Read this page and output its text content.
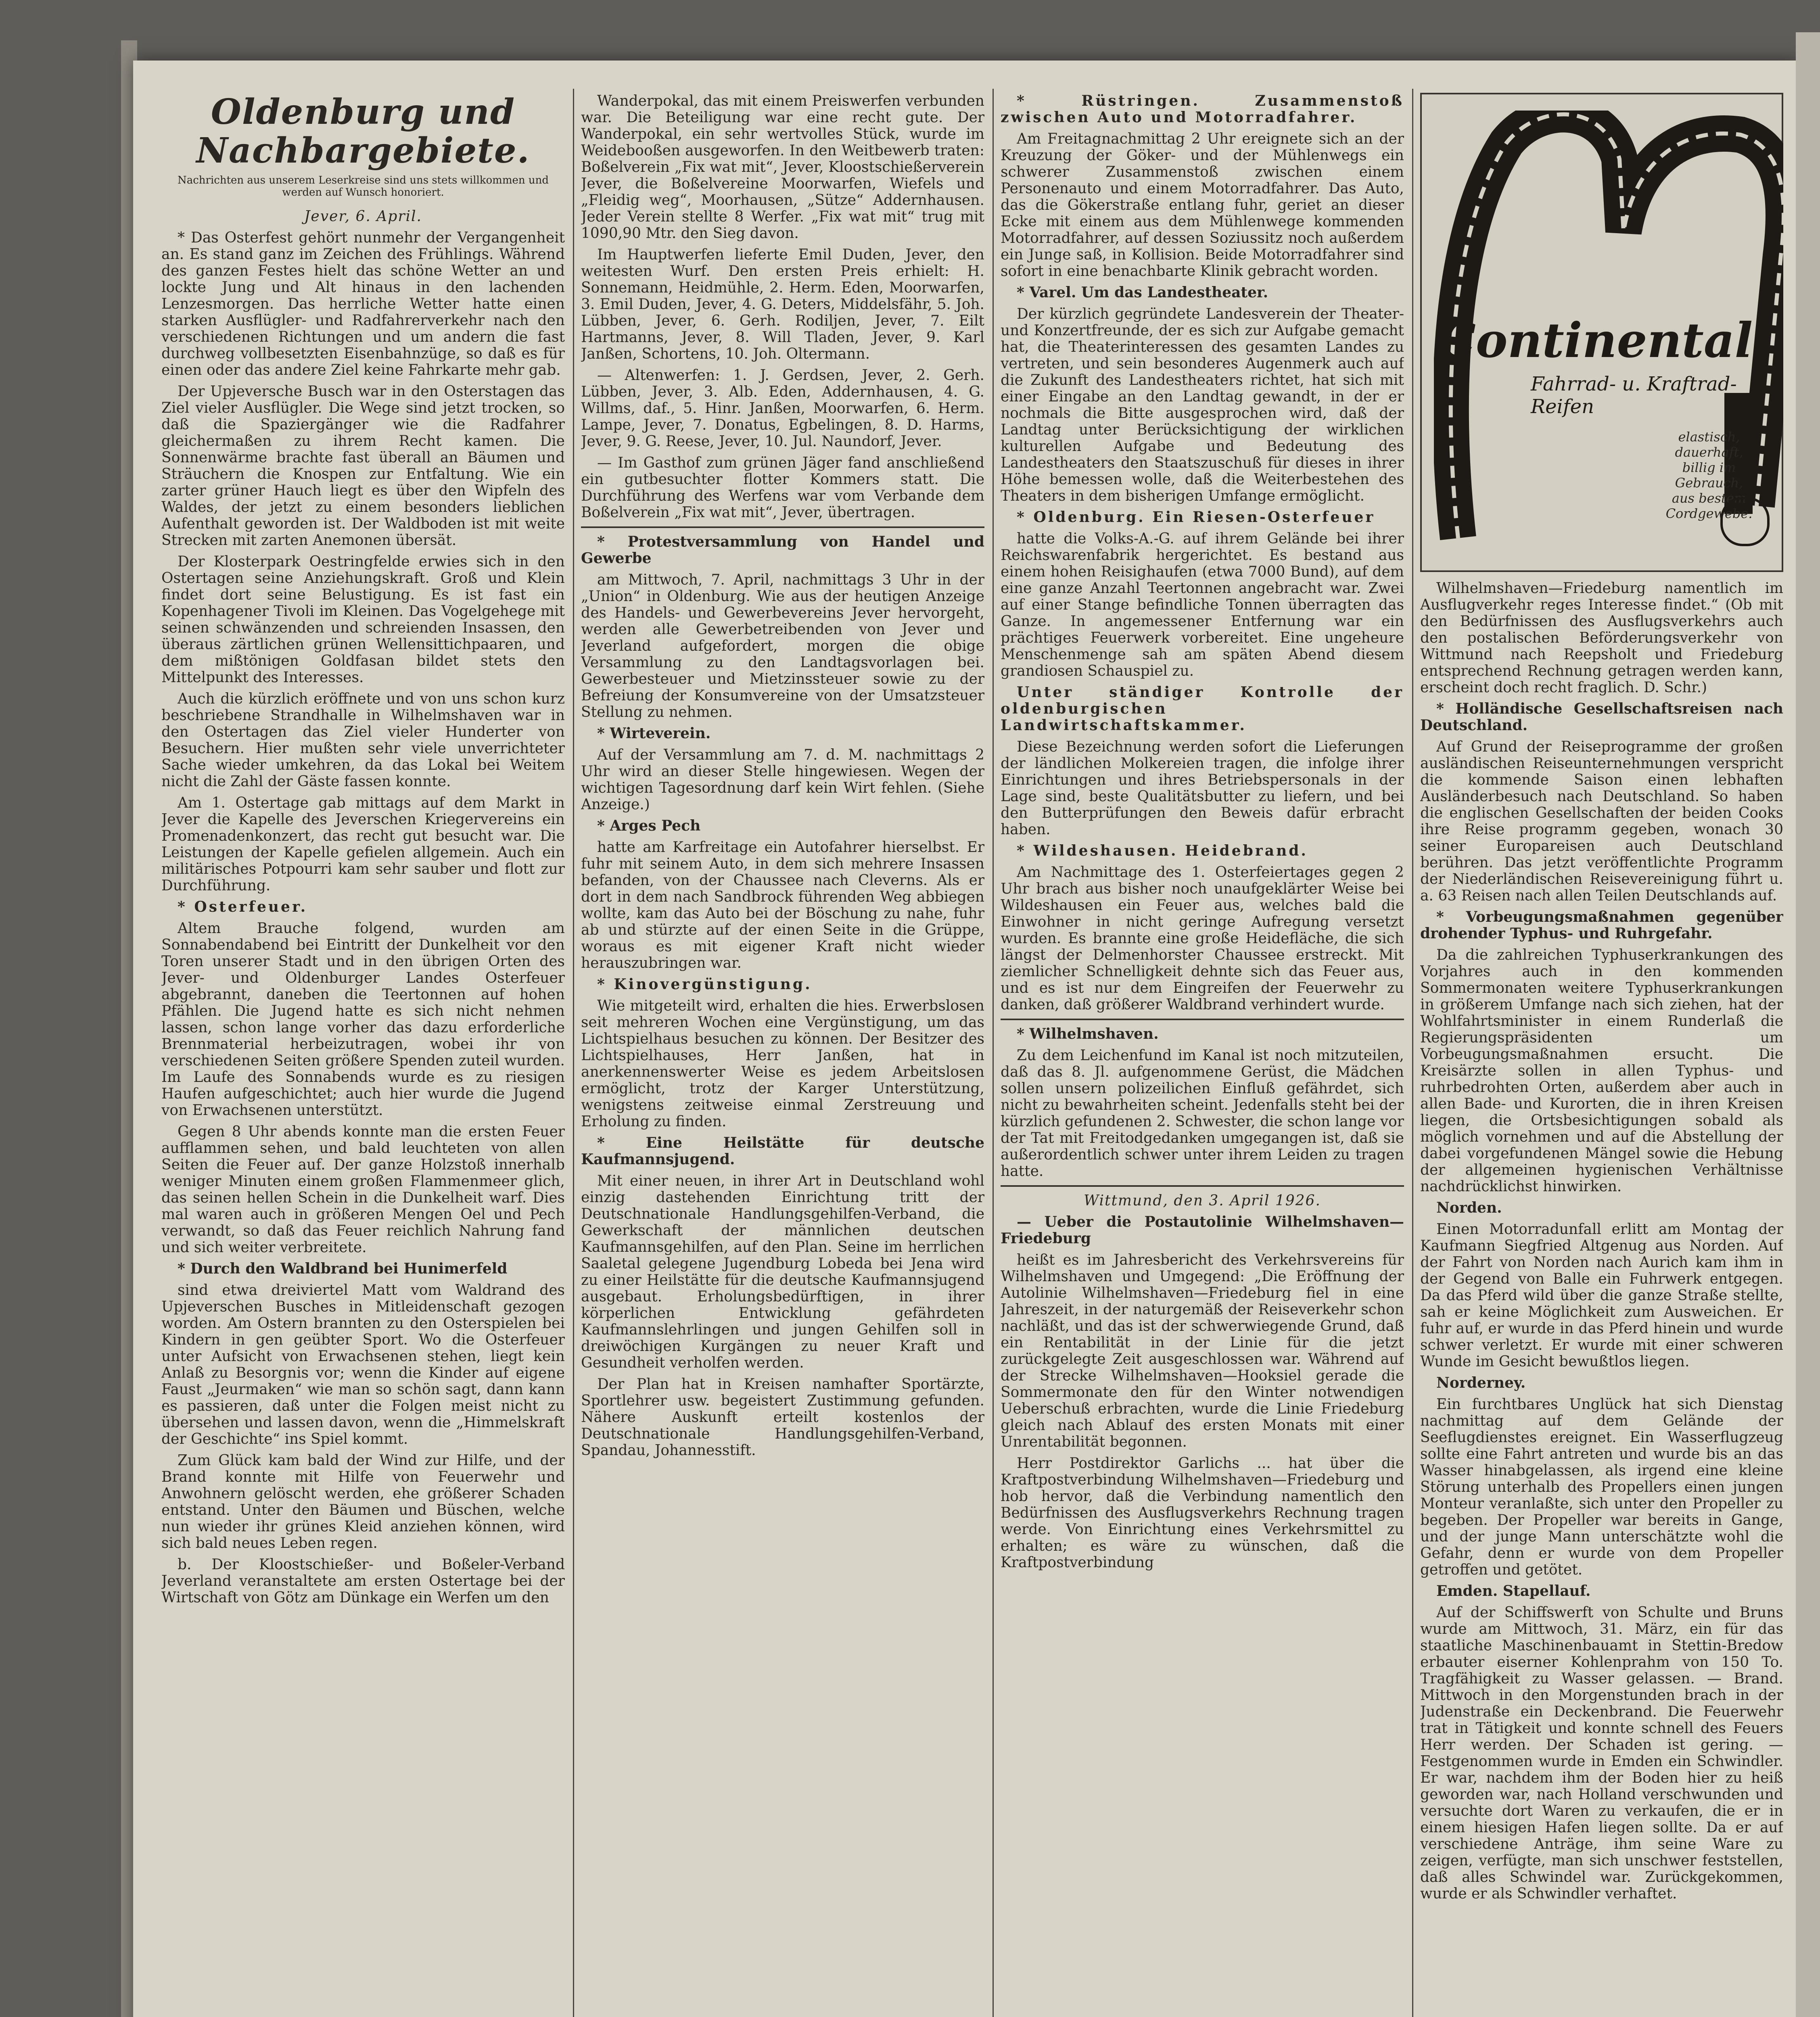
Oldenburg und Nachbargebiete.
Nachrichten aus unserem Leserkreise sind uns stets willkommen und werden auf Wunsch honoriert.

Jever, 6. April.

* Das Osterfest gehört nunmehr der Vergangenheit an. Es stand ganz im Zeichen des Frühlings. Während des ganzen Festes hielt das schöne Wetter an und lockte Jung und Alt hinaus in den lachenden Lenzesmorgen. Das herrliche Wetter hatte einen starken Ausflügler- und Radfahrerverkehr nach den verschiedenen Richtungen und um andern die fast durchweg vollbesetzten Eisenbahnzüge, so daß es für einen oder das andere Ziel keine Fahrkarte mehr gab.

Der Upjeversche Busch war in den Osterstagen das Ziel vieler Ausflügler. Die Wege sind jetzt trocken, so daß die Spaziergänger wie die Radfahrer gleichermaßen zu ihrem Recht kamen. Die Sonnenwärme brachte fast überall an Bäumen und Sträuchern die Knospen zur Entfaltung. Wie ein zarter grüner Hauch liegt es über den Wipfeln des Waldes, der jetzt zu einem besonders lieblichen Aufenthalt geworden ist. Der Waldboden ist mit weite Strecken mit zarten Anemonen übersät.

Der Klosterpark Oestringfelde erwies sich in den Ostertagen seine Anziehungskraft. Groß und Klein findet dort seine Belustigung. Es ist fast ein Kopenhagener Tivoli im Kleinen. Das Vogelgehege mit seinen schwänzenden und schreienden Insassen, den überaus zärtlichen grünen Wellensittichpaaren, und dem mißtönigen Goldfasan bildet stets den Mittelpunkt des Interesses.

Auch die kürzlich eröffnete und von uns schon kurz beschriebene Strandhalle in Wilhelmshaven war in den Ostertagen das Ziel vieler Hunderter von Besuchern. Hier mußten sehr viele unverrichteter Sache wieder umkehren, da das Lokal bei Weitem nicht die Zahl der Gäste fassen konnte.

Am 1. Ostertage gab mittags auf dem Markt in Jever die Kapelle des Jeverschen Kriegervereins ein Promenadenkonzert, das recht gut besucht war. Die Leistungen der Kapelle gefielen allgemein. Auch ein militärisches Potpourri kam sehr sauber und flott zur Durchführung.

* Osterfeuer.

Altem Brauche folgend, wurden am Sonnabendabend bei Eintritt der Dunkelheit vor den Toren unserer Stadt und in den übrigen Orten des Jever- und Oldenburger Landes Osterfeuer abgebrannt, daneben die Teertonnen auf hohen Pfählen. Die Jugend hatte es sich nicht nehmen lassen, schon lange vorher das dazu erforderliche Brennmaterial herbeizutragen, wobei ihr von verschiedenen Seiten größere Spenden zuteil wurden. Im Laufe des Sonnabends wurde es zu riesigen Haufen aufgeschichtet; auch hier wurde die Jugend von Erwachsenen unterstützt.

Gegen 8 Uhr abends konnte man die ersten Feuer aufflammen sehen, und bald leuchteten von allen Seiten die Feuer auf. Der ganze Holzstoß innerhalb weniger Minuten einem großen Flammenmeer glich, das seinen hellen Schein in die Dunkelheit warf. Dies mal waren auch in größeren Mengen Oel und Pech verwandt, so daß das Feuer reichlich Nahrung fand und sich weiter verbreitete.

* Durch den Waldbrand bei Hunimerfeld

sind etwa dreiviertel Matt vom Waldrand des Upjeverschen Busches in Mitleidenschaft gezogen worden. Am Ostern brannten zu den Osterspielen bei Kindern in gen geübter Sport. Wo die Osterfeuer unter Aufsicht von Erwachsenen stehen, liegt kein Anlaß zu Besorgnis vor; wenn die Kinder auf eigene Faust „Jeurmaken“ wie man so schön sagt, dann kann es passieren, daß unter die Folgen meist nicht zu übersehen und lassen davon, wenn die „Himmelskraft der Geschichte“ ins Spiel kommt.

Zum Glück kam bald der Wind zur Hilfe, und der Brand konnte mit Hilfe von Feuerwehr und Anwohnern gelöscht werden, ehe größerer Schaden entstand. Unter den Bäumen und Büschen, welche nun wieder ihr grünes Kleid anziehen können, wird sich bald neues Leben regen.

b. Der Kloostschießer- und Boßeler-Verband Jeverland veranstaltete am ersten Ostertage bei der Wirtschaft von Götz am Dünkage ein Werfen um den

Wanderpokal, das mit einem Preiswerfen verbunden war. Die Beteiligung war eine recht gute. Der Wanderpokal, ein sehr wertvolles Stück, wurde im Weidebooßen ausgeworfen. In den Weitbewerb traten: Boßelverein „Fix wat mit“, Jever, Kloostschießerverein Jever, die Boßelvereine Moorwarfen, Wiefels und „Fleidig weg“, Moorhausen, „Sütze“ Addernhausen. Jeder Verein stellte 8 Werfer. „Fix wat mit“ trug mit 1090,90 Mtr. den Sieg davon.

Im Hauptwerfen lieferte Emil Duden, Jever, den weitesten Wurf. Den ersten Preis erhielt: H. Sonnemann, Heidmühle, 2. Herm. Eden, Moorwarfen, 3. Emil Duden, Jever, 4. G. Deters, Middelsfähr, 5. Joh. Lübben, Jever, 6. Gerh. Rodiljen, Jever, 7. Eilt Hartmanns, Jever, 8. Will Tladen, Jever, 9. Karl Janßen, Schortens, 10. Joh. Oltermann.

— Altenwerfen: 1. J. Gerdsen, Jever, 2. Gerh. Lübben, Jever, 3. Alb. Eden, Addernhausen, 4. G. Willms, daf., 5. Hinr. Janßen, Moorwarfen, 6. Herm. Lampe, Jever, 7. Donatus, Egbelingen, 8. D. Harms, Jever, 9. G. Reese, Jever, 10. Jul. Naundorf, Jever.

— Im Gasthof zum grünen Jäger fand anschließend ein gutbesuchter flotter Kommers statt. Die Durchführung des Werfens war vom Verbande dem Boßelverein „Fix wat mit“, Jever, übertragen.

* Protestversammlung von Handel und Gewerbe

am Mittwoch, 7. April, nachmittags 3 Uhr in der „Union“ in Oldenburg. Wie aus der heutigen Anzeige des Handels- und Gewerbevereins Jever hervorgeht, werden alle Gewerbetreibenden von Jever und Jeverland aufgefordert, morgen die obige Versammlung zu den Landtagsvorlagen bei. Gewerbesteuer und Mietzinssteuer sowie zu der Befreiung der Konsumvereine von der Umsatzsteuer Stellung zu nehmen.

* Wirteverein.

Auf der Versammlung am 7. d. M. nachmittags 2 Uhr wird an dieser Stelle hingewiesen. Wegen der wichtigen Tagesordnung darf kein Wirt fehlen. (Siehe Anzeige.)

* Arges Pech

hatte am Karfreitage ein Autofahrer hierselbst. Er fuhr mit seinem Auto, in dem sich mehrere Insassen befanden, von der Chaussee nach Cleverns. Als er dort in dem nach Sandbrock führenden Weg abbiegen wollte, kam das Auto bei der Böschung zu nahe, fuhr ab und stürzte auf der einen Seite in die Grüppe, woraus es mit eigener Kraft nicht wieder herauszubringen war.

* Kinovergünstigung.

Wie mitgeteilt wird, erhalten die hies. Erwerbslosen seit mehreren Wochen eine Vergünstigung, um das Lichtspielhaus besuchen zu können. Der Besitzer des Lichtspielhauses, Herr Janßen, hat in anerkennenswerter Weise es jedem Arbeitslosen ermöglicht, trotz der Karger Unterstützung, wenigstens zeitweise einmal Zerstreuung und Erholung zu finden.

* Eine Heilstätte für deutsche Kaufmannsjugend.

Mit einer neuen, in ihrer Art in Deutschland wohl einzig dastehenden Einrichtung tritt der Deutschnationale Handlungsgehilfen-Verband, die Gewerkschaft der männlichen deutschen Kaufmannsgehilfen, auf den Plan. Seine im herrlichen Saaletal gelegene Jugendburg Lobeda bei Jena wird zu einer Heilstätte für die deutsche Kaufmannsjugend ausgebaut. Erholungsbedürftigen, in ihrer körperlichen Entwicklung gefährdeten Kaufmannslehrlingen und jungen Gehilfen soll in dreiwöchigen Kurgängen zu neuer Kraft und Gesundheit verholfen werden.

Der Plan hat in Kreisen namhafter Sportärzte, Sportlehrer usw. begeistert Zustimmung gefunden. Nähere Auskunft erteilt kostenlos der Deutschnationale Handlungsgehilfen-Verband, Spandau, Johannesstift.

* Rüstringen. Zusammenstoß zwischen Auto und Motorradfahrer.

Am Freitagnachmittag 2 Uhr ereignete sich an der Kreuzung der Göker- und der Mühlenwegs ein schwerer Zusammenstoß zwischen einem Personenauto und einem Motorradfahrer. Das Auto, das die Gökerstraße entlang fuhr, geriet an dieser Ecke mit einem aus dem Mühlenwege kommenden Motorradfahrer, auf dessen Soziussitz noch außerdem ein Junge saß, in Kollision. Beide Motorradfahrer sind sofort in eine benachbarte Klinik gebracht worden.

* Varel. Um das Landestheater.

Der kürzlich gegründete Landesverein der Theater- und Konzertfreunde, der es sich zur Aufgabe gemacht hat, die Theaterinteressen des gesamten Landes zu vertreten, und sein besonderes Augenmerk auch auf die Zukunft des Landestheaters richtet, hat sich mit einer Eingabe an den Landtag gewandt, in der er nochmals die Bitte ausgesprochen wird, daß der Landtag unter Berücksichtigung der wirklichen kulturellen Aufgabe und Bedeutung des Landestheaters den Staatszuschuß für dieses in ihrer Höhe bemessen wolle, daß die Weiterbestehen des Theaters in dem bisherigen Umfange ermöglicht.

* Oldenburg. Ein Riesen-Osterfeuer

hatte die Volks-A.-G. auf ihrem Gelände bei ihrer Reichswarenfabrik hergerichtet. Es bestand aus einem hohen Reisighaufen (etwa 7000 Bund), auf dem eine ganze Anzahl Teertonnen angebracht war. Zwei auf einer Stange befindliche Tonnen überragten das Ganze. In angemessener Entfernung war ein prächtiges Feuerwerk vorbereitet. Eine ungeheure Menschenmenge sah am späten Abend diesem grandiosen Schauspiel zu.

Unter ständiger Kontrolle der oldenburgischen Landwirtschaftskammer.

Diese Bezeichnung werden sofort die Lieferungen der ländlichen Molkereien tragen, die infolge ihrer Einrichtungen und ihres Betriebspersonals in der Lage sind, beste Qualitätsbutter zu liefern, und bei den Butterprüfungen den Beweis dafür erbracht haben.

* Wildeshausen. Heidebrand.

Am Nachmittage des 1. Osterfeiertages gegen 2 Uhr brach aus bisher noch unaufgeklärter Weise bei Wildeshausen ein Feuer aus, welches bald die Einwohner in nicht geringe Aufregung versetzt wurden. Es brannte eine große Heidefläche, die sich längst der Delmenhorster Chaussee erstreckt. Mit ziemlicher Schnelligkeit dehnte sich das Feuer aus, und es ist nur dem Eingreifen der Feuerwehr zu danken, daß größerer Waldbrand verhindert wurde.

* Wilhelmshaven.

Zu dem Leichenfund im Kanal ist noch mitzuteilen, daß das 8. Jl. aufgenommene Gerüst, die Mädchen sollen unsern polizeilichen Einfluß gefährdet, sich nicht zu bewahrheiten scheint. Jedenfalls steht bei der kürzlich gefundenen 2. Schwester, die schon lange vor der Tat mit Freitodgedanken umgegangen ist, daß sie außerordentlich schwer unter ihrem Leiden zu tragen hatte.

Wittmund, den 3. April 1926.

— Ueber die Postautolinie Wilhelmshaven—Friedeburg

heißt es im Jahresbericht des Verkehrsvereins für Wilhelmshaven und Umgegend: „Die Eröffnung der Autolinie Wilhelmshaven—Friedeburg fiel in eine Jahreszeit, in der naturgemäß der Reiseverkehr schon nachläßt, und das ist der schwerwiegende Grund, daß ein Rentabilität in der Linie für die jetzt zurückgelegte Zeit ausgeschlossen war. Während auf der Strecke Wilhelmshaven—Hooksiel gerade die Sommermonate den für den Winter notwendigen Ueberschuß erbrachten, wurde die Linie Friedeburg gleich nach Ablauf des ersten Monats mit einer Unrentabilität begonnen.

Herr Postdirektor Garlichs ... hat über die Kraftpostverbindung Wilhelmshaven—Friedeburg und hob hervor, daß die Verbindung namentlich den Bedürfnissen des Ausflugsverkehrs Rechnung tragen werde. Von Einrichtung eines Verkehrsmittel zu erhalten; es wäre zu wünschen, daß die Kraftpostverbindung

Continental
Fahrrad- u. Kraftrad-Reifen
elastisch,
dauerhaft,
billig im
Gebrauch,
aus bestem
Cordgewebe.

Wilhelmshaven—Friedeburg namentlich im Ausflugverkehr reges Interesse findet.“ (Ob mit den Bedürfnissen des Ausflugsverkehrs auch den postalischen Beförderungsverkehr von Wittmund nach Reepsholt und Friedeburg entsprechend Rechnung getragen werden kann, erscheint doch recht fraglich. D. Schr.)

* Holländische Gesellschaftsreisen nach Deutschland.

Auf Grund der Reiseprogramme der großen ausländischen Reiseunternehmungen verspricht die kommende Saison einen lebhaften Ausländerbesuch nach Deutschland. So haben die englischen Gesellschaften der beiden Cooks ihre Reise programm gegeben, wonach 30 seiner Europareisen auch Deutschland berühren. Das jetzt veröffentlichte Programm der Niederländischen Reisevereinigung führt u. a. 63 Reisen nach allen Teilen Deutschlands auf.

* Vorbeugungsmaßnahmen gegenüber drohender Typhus- und Ruhrgefahr.

Da die zahlreichen Typhuserkrankungen des Vorjahres auch in den kommenden Sommermonaten weitere Typhuserkrankungen in größerem Umfange nach sich ziehen, hat der Wohlfahrtsminister in einem Runderlaß die Regierungspräsidenten um Vorbeugungsmaßnahmen ersucht. Die Kreisärzte sollen in allen Typhus- und ruhrbedrohten Orten, außerdem aber auch in allen Bade- und Kurorten, die in ihren Kreisen liegen, die Ortsbesichtigungen sobald als möglich vornehmen und auf die Abstellung der dabei vorgefundenen Mängel sowie die Hebung der allgemeinen hygienischen Verhältnisse nachdrücklichst hinwirken.

Norden.

Einen Motorradunfall erlitt am Montag der Kaufmann Siegfried Altgenug aus Norden. Auf der Fahrt von Norden nach Aurich kam ihm in der Gegend von Balle ein Fuhrwerk entgegen. Da das Pferd wild über die ganze Straße stellte, sah er keine Möglichkeit zum Ausweichen. Er fuhr auf, er wurde in das Pferd hinein und wurde schwer verletzt. Er wurde mit einer schweren Wunde im Gesicht bewußtlos liegen.

Norderney.

Ein furchtbares Unglück hat sich Dienstag nachmittag auf dem Gelände der Seeflugdienstes ereignet. Ein Wasserflugzeug sollte eine Fahrt antreten und wurde bis an das Wasser hinabgelassen, als irgend eine kleine Störung unterhalb des Propellers einen jungen Monteur veranlaßte, sich unter den Propeller zu begeben. Der Propeller war bereits in Gange, und der junge Mann unterschätzte wohl die Gefahr, denn er wurde von dem Propeller getroffen und getötet.

Emden. Stapellauf.

Auf der Schiffswerft von Schulte und Bruns wurde am Mittwoch, 31. März, ein für das staatliche Maschinenbauamt in Stettin-Bredow erbauter eiserner Kohlenprahm von 150 To. Tragfähigkeit zu Wasser gelassen. — Brand. Mittwoch in den Morgenstunden brach in der Judenstraße ein Deckenbrand. Die Feuerwehr trat in Tätigkeit und konnte schnell des Feuers Herr werden. Der Schaden ist gering. — Festgenommen wurde in Emden ein Schwindler. Er war, nachdem ihm der Boden hier zu heiß geworden war, nach Holland verschwunden und versuchte dort Waren zu verkaufen, die er in einem hiesigen Hafen liegen sollte. Da er auf verschiedene Anträge, ihm seine Ware zu zeigen, verfügte, man sich unschwer feststellen, daß alles Schwindel war. Zurückgekommen, wurde er als Schwindler verhaftet.
